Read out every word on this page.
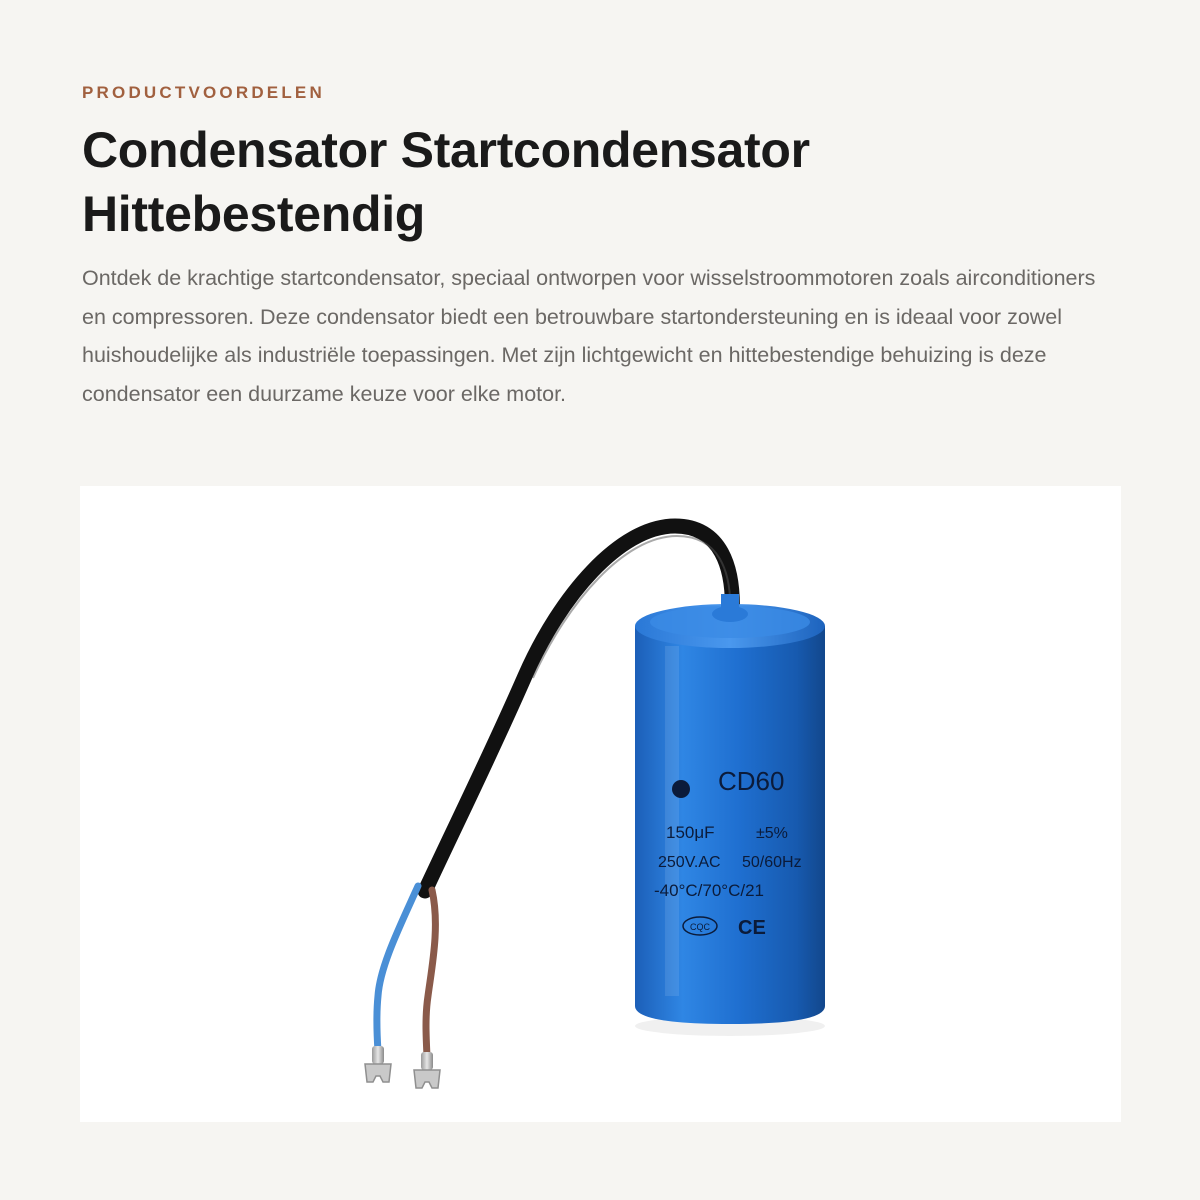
PRODUCTVOORDELEN
Condensator Startcondensator
Hittebestendig

Ontdek de krachtige startcondensator, speciaal ontworpen voor wisselstroommotoren zoals airconditioners en compressoren. Deze condensator biedt een betrouwbare startondersteuning en is ideaal voor zowel huishoudelijke als industriële toepassingen. Met zijn lichtgewicht en hittebestendige behuizing is deze condensator een duurzame keuze voor elke motor.

CD60
150μF	±5%
250V.AC 50/60Hz
-40°C/70°C/21
CQC CE
